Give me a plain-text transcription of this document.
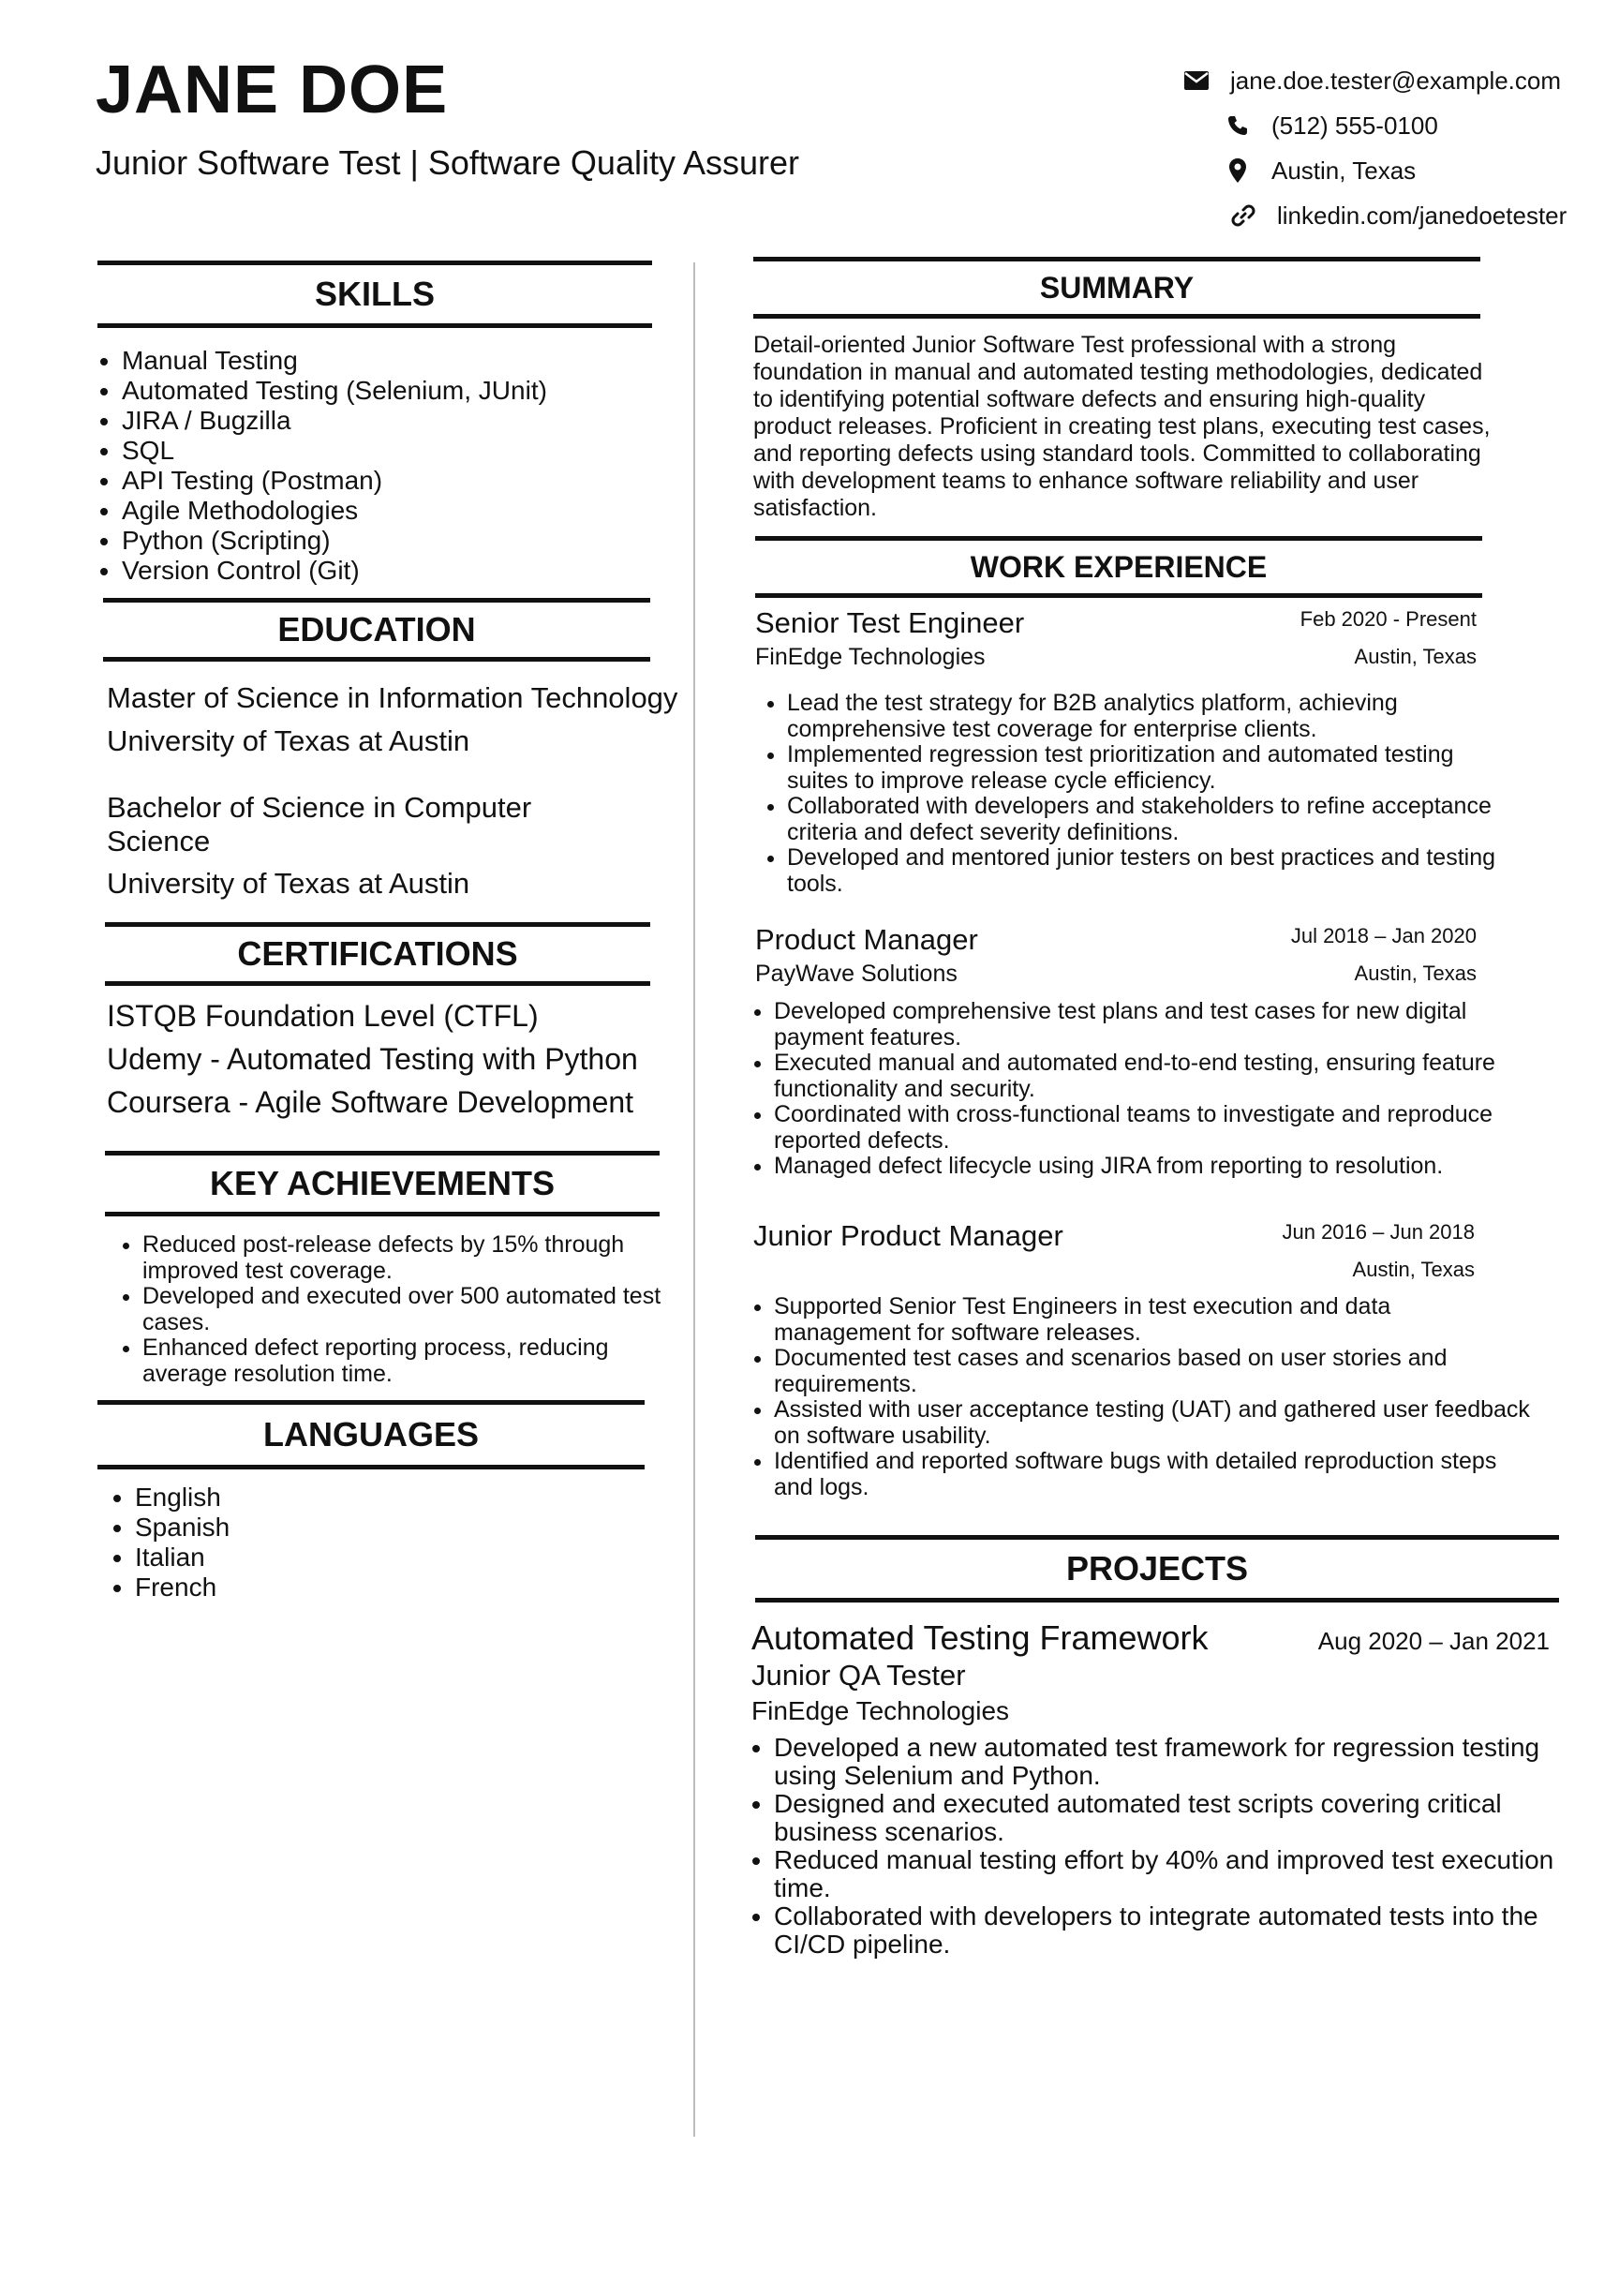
JANE DOE
Junior Software Test | Software Quality Assurer
jane.doe.tester@example.com
(512) 555-0100
Austin, Texas
linkedin.com/janedoetester
SKILLS
• Manual Testing
• Automated Testing (Selenium, JUnit)
• JIRA / Bugzilla
• SQL
• API Testing (Postman)
• Agile Methodologies
• Python (Scripting)
• Version Control (Git)
EDUCATION
Master of Science in Information Technology
University of Texas at Austin
Bachelor of Science in Computer
Science
University of Texas at Austin
CERTIFICATIONS
ISTQB Foundation Level (CTFL)
Udemy - Automated Testing with Python
Coursera - Agile Software Development
KEY ACHIEVEMENTS
• Reduced post-release defects by 15% through improved test coverage.
• Developed and executed over 500 automated test cases.
• Enhanced defect reporting process, reducing average resolution time.
LANGUAGES
• English
• Spanish
• Italian
• French
SUMMARY
Detail-oriented Junior Software Test professional with a strong foundation in manual and automated testing methodologies, dedicated to identifying potential software defects and ensuring high-quality product releases. Proficient in creating test plans, executing test cases, and reporting defects using standard tools. Committed to collaborating with development teams to enhance software reliability and user satisfaction.
WORK EXPERIENCE
Senior Test Engineer	Feb 2020 - Present
FinEdge Technologies	Austin, Texas
• Lead the test strategy for B2B analytics platform, achieving comprehensive test coverage for enterprise clients.
• Implemented regression test prioritization and automated testing suites to improve release cycle efficiency.
• Collaborated with developers and stakeholders to refine acceptance criteria and defect severity definitions.
• Developed and mentored junior testers on best practices and testing tools.
Product Manager	Jul 2018 – Jan 2020
PayWave Solutions	Austin, Texas
• Developed comprehensive test plans and test cases for new digital payment features.
• Executed manual and automated end-to-end testing, ensuring feature functionality and security.
• Coordinated with cross-functional teams to investigate and reproduce reported defects.
• Managed defect lifecycle using JIRA from reporting to resolution.
Junior Product Manager	Jun 2016 – Jun 2018
Austin, Texas
• Supported Senior Test Engineers in test execution and data management for software releases.
• Documented test cases and scenarios based on user stories and requirements.
• Assisted with user acceptance testing (UAT) and gathered user feedback on software usability.
• Identified and reported software bugs with detailed reproduction steps and logs.
PROJECTS
Automated Testing Framework	Aug 2020 – Jan 2021
Junior QA Tester
FinEdge Technologies
• Developed a new automated test framework for regression testing using Selenium and Python.
• Designed and executed automated test scripts covering critical business scenarios.
• Reduced manual testing effort by 40% and improved test execution time.
• Collaborated with developers to integrate automated tests into the CI/CD pipeline.
